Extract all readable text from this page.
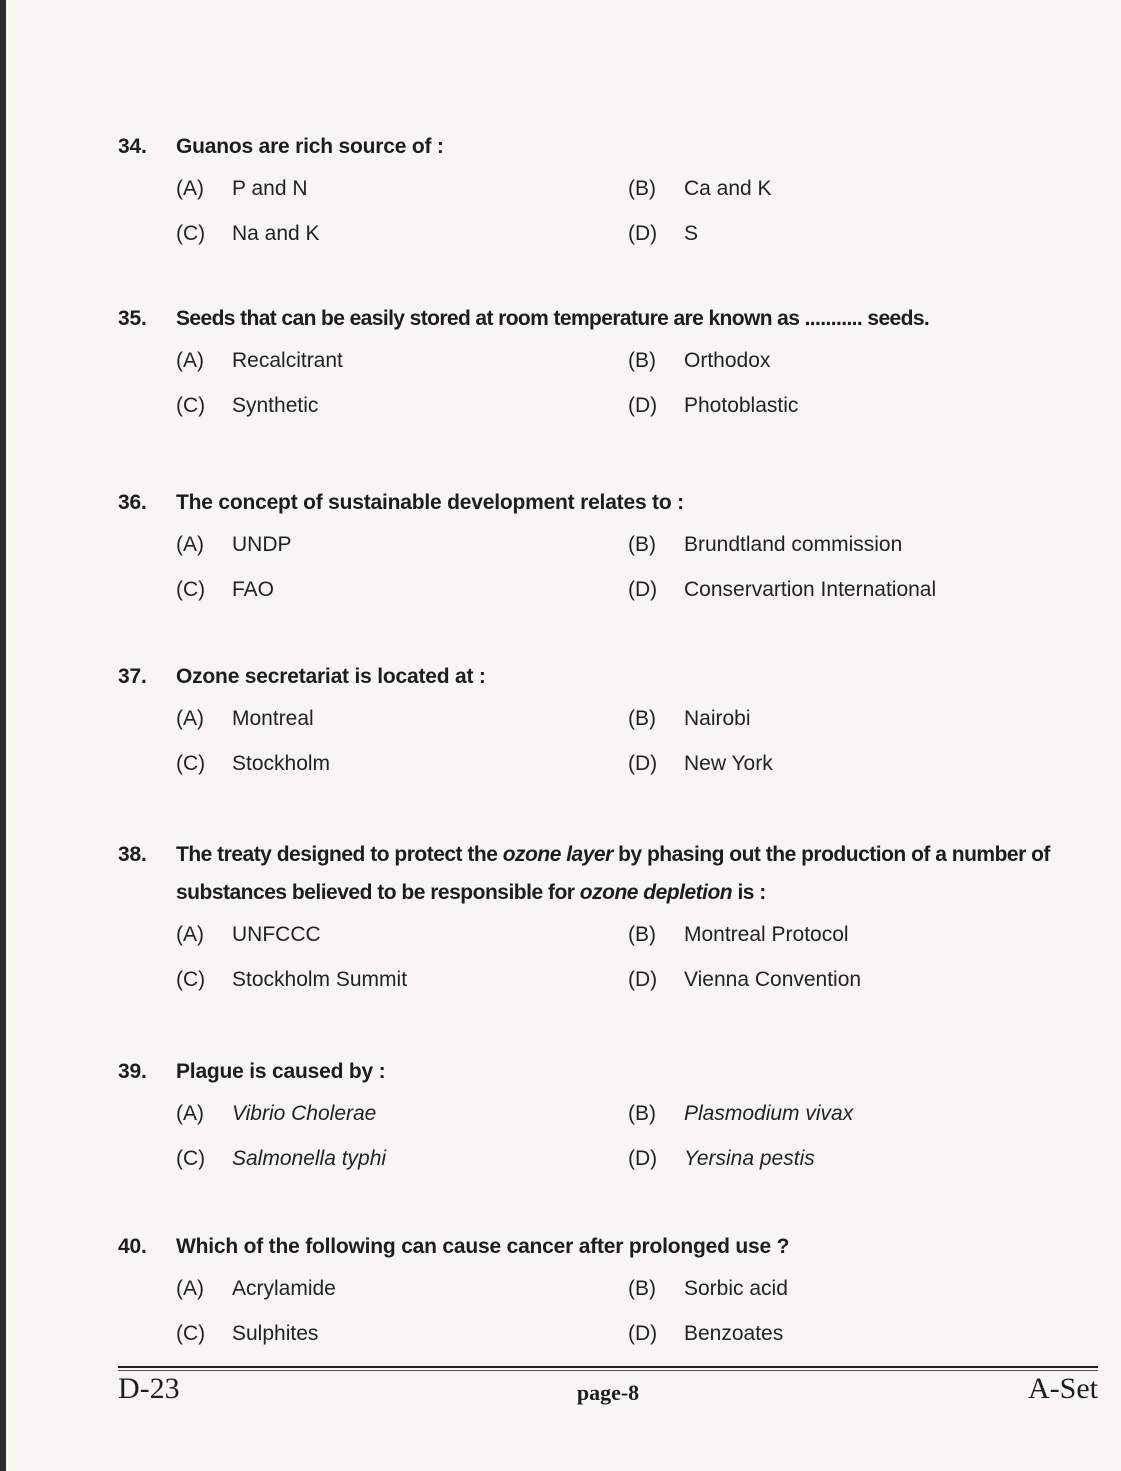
34.	Guanos are rich source of :
(A)	P and N	(B)	Ca and K
(C)	Na and K	(D)	S
35.	Seeds that can be easily stored at room temperature are known as ........... seeds.
(A)	Recalcitrant	(B)	Orthodox
(C)	Synthetic	(D)	Photoblastic
36.	The concept of sustainable development relates to :
(A)	UNDP	(B)	Brundtland commission
(C)	FAO	(D)	Conservartion International
37.	Ozone secretariat is located at :
(A)	Montreal	(B)	Nairobi
(C)	Stockholm	(D)	New York
38.	The treaty designed to protect the ozone layer by phasing out the production of a number of substances believed to be responsible for ozone depletion is :
(A)	UNFCCC	(B)	Montreal Protocol
(C)	Stockholm Summit	(D)	Vienna Convention
39.	Plague is caused by :
(A)	Vibrio Cholerae	(B)	Plasmodium vivax
(C)	Salmonella typhi	(D)	Yersina pestis
40.	Which of the following can cause cancer after prolonged use ?
(A)	Acrylamide	(B)	Sorbic acid
(C)	Sulphites	(D)	Benzoates
D-23	page-8	A-Set
